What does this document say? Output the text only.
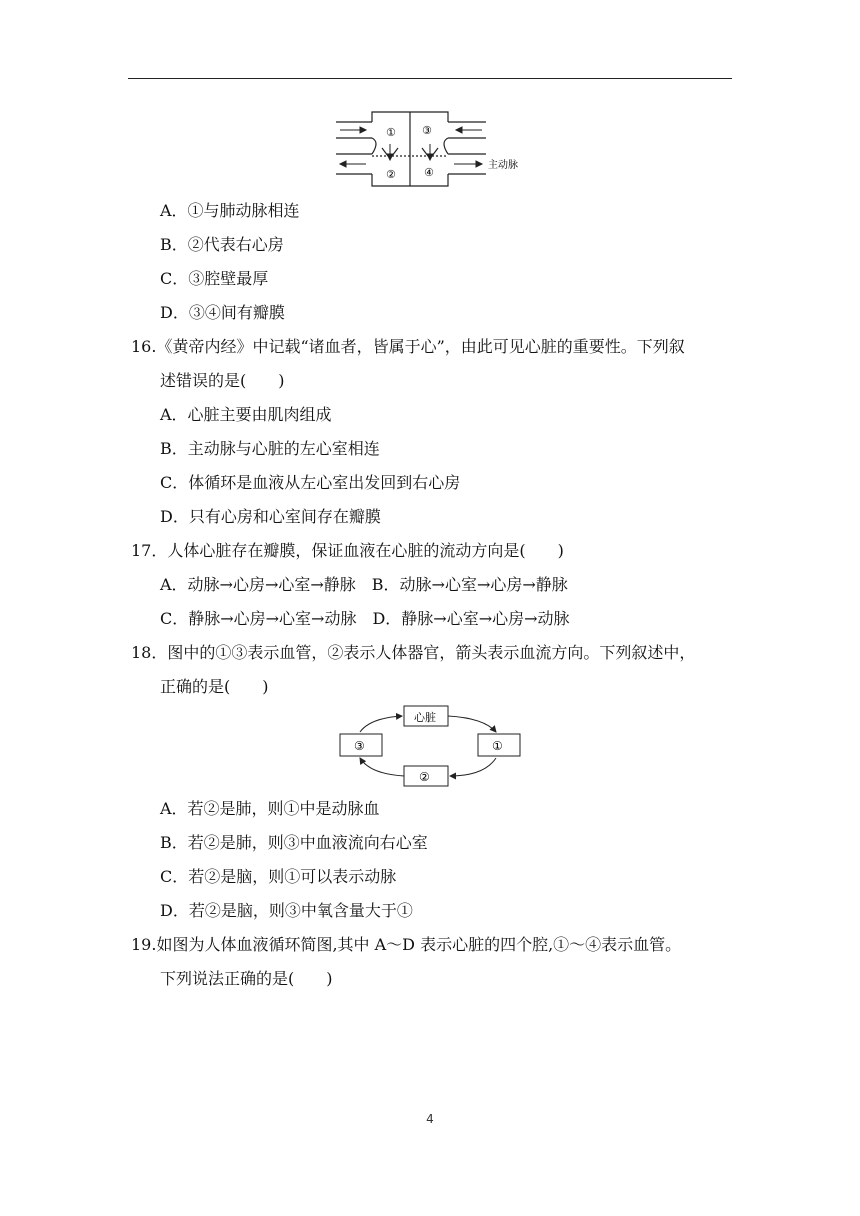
①
②
③
④
主动脉
A．①与肺动脉相连
B．②代表右心房
C．③腔壁最厚
D．③④间有瓣膜
16.《黄帝内经》中记载“诸血者，皆属于心”，由此可见心脏的重要性。下列叙
述错误的是(　　)
A．心脏主要由肌肉组成
B．主动脉与心脏的左心室相连
C．体循环是血液从左心室出发回到右心房
D．只有心房和心室间存在瓣膜
17．人体心脏存在瓣膜，保证血液在心脏的流动方向是(　　)
A．动脉→心房→心室→静脉　B．动脉→心室→心房→静脉
C．静脉→心房→心室→动脉　D．静脉→心室→心房→动脉
18．图中的①③表示血管，②表示人体器官，箭头表示血流方向。下列叙述中，
正确的是(　　)
心脏
①
②
③
A．若②是肺，则①中是动脉血
B．若②是肺，则③中血液流向右心室
C．若②是脑，则①可以表示动脉
D．若②是脑，则③中氧含量大于①
19.如图为人体血液循环简图,其中 A～D 表示心脏的四个腔,①～④表示血管。
下列说法正确的是(　　)
4
